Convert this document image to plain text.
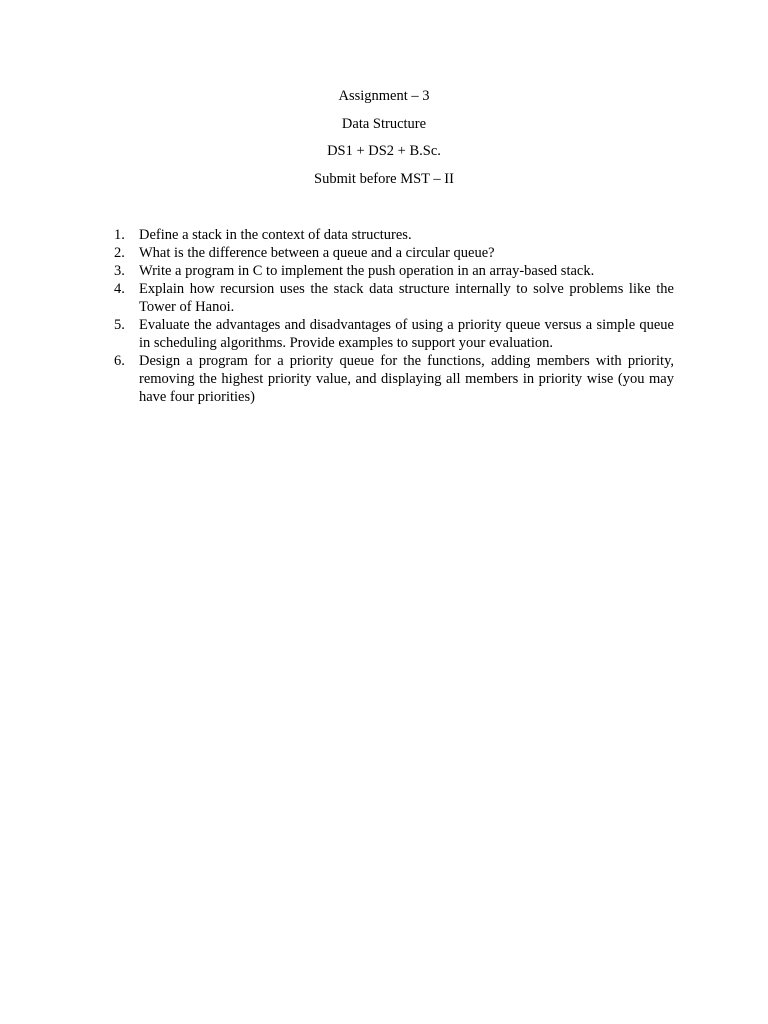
Assignment – 3
Data Structure
DS1 + DS2 + B.Sc.
Submit before MST – II
1. Define a stack in the context of data structures.
2. What is the difference between a queue and a circular queue?
3. Write a program in C to implement the push operation in an array-based stack.
4. Explain how recursion uses the stack data structure internally to solve problems like the Tower of Hanoi.
5. Evaluate the advantages and disadvantages of using a priority queue versus a simple queue in scheduling algorithms. Provide examples to support your evaluation.
6. Design a program for a priority queue for the functions, adding members with priority, removing the highest priority value, and displaying all members in priority wise (you may have four priorities)
